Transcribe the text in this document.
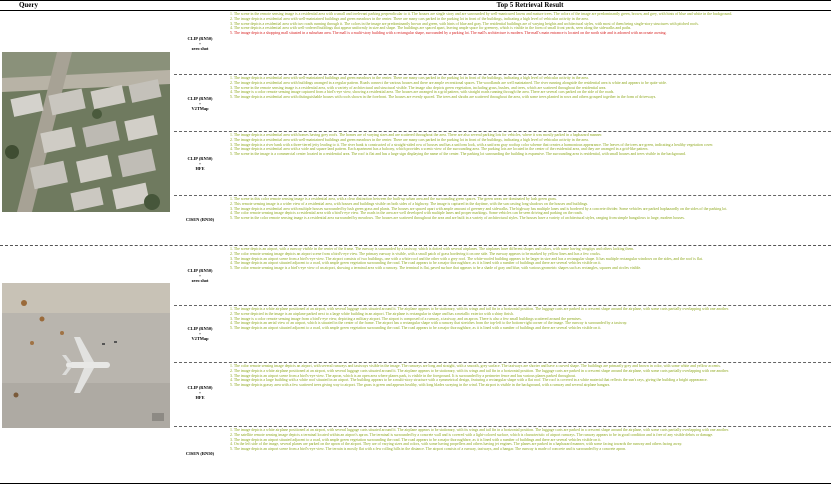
Query	Top 5 Retrieval Result
CLIP (RN50)
+
zero shot

1. The scene in the remote sensing image is a residential area with a small and irrelevant parking perpendicular to it. The houses are single story and are surrounded by well-manicured lawns and mature trees. The colors of the image are predominantly green, brown, and grey, with hints of blue and white in the background.

2. The image depicts a residential area with well-maintained buildings and green meadows in the center. There are many cars parked in the parking lot in front of the buildings, indicating a high level of vehicular activity in the area.

3. The scene depicts a residential area with two roads running through it. The colors in the image are predominantly brown and green, with hints of blue and gray. The residential buildings are of varying heights and architectural styles, with most of them being single-story structures with pitched roofs.

4. The scene depicts a residential area with well-ordered buildings that appear uniformly in size and shape. The buildings are spaced apart, leaving ample space for greenery, which is visible in the form of small front yards, seen along the sidewalks and paths.

5. The image depicts a shopping mall situated in a suburban area. The mall is a multi-story building with a rectangular shape, surrounded by a parking lot. The mall's architecture is modern. The mall's main entrance is located on the north side and is adorned with an ornate awning.

CLIP (RN50)
+
V2TMap

1. The image depicts a residential area with well-maintained buildings and green meadows in the center. There are many cars parked in the parking lot in front of the buildings, indicating a high level of vehicular activity in the area.

2. The image depicts a residential area with buildings arranged in a regular pattern. Roads connect the various houses and there are ample recreational spaces. The woodlands are well maintained. The river running alongside the residential area is white and appears to be quite wide.

3. The scene in the remote sensing image is a residential area, with a variety of architectural and structural visible. The image also depicts green vegetation, including grass, bushes, and trees, which are scattered throughout the residential area.

4. The image is a color remote sensing image captured from a bird's-eye view, showing a residential area. The houses are arranged in a grid pattern, with straight roads running through the area. There are several cars parked on the side of the roads.

5. The image depicts a residential area with distinguishable houses with roofs shown in the forefront. The houses are evenly spaced. The trees and shrubs are scattered throughout the area, with some trees planted in rows and others grouped together in the form of driveways.

CLIP (RN50)
+
HFE

1. The image depicts a residential area with homes having grey roofs. The homes are of varying sizes and are scattered throughout the area. There are also several parking lots for vehicles, where it was mostly parked in a haphazard manner.

2. The image depicts a residential area with well-maintained buildings and green meadows in the center. There are many cars parked in the parking lot in front of the buildings, indicating a high level of vehicular activity in the area.

3. The image depicts a river bank with a three-tiered jetty leading to it. The river bank is constructed of a straight-sided row of houses and has a uniform look, with a uniform gray rooftop color scheme that creates a harmonious appearance. The leaves of the trees are green, indicating a healthy vegetation cover.

4. The image depicts a residential area with a wide and square land pattern. Each apartment has a balcony, which provides a scenic view of the surrounding area. The parking lots are located in the center of the residential area, and they are arranged in a grid-like pattern.

5. The scene in the image is a commercial center located in a residential area. The roof is flat and has a large sign displaying the name of the center. The parking lot surrounding the building is expansive. The surrounding area is residential, with small houses and trees visible in the background.

CISEN (RN50)

1. The scene in this color remote sensing image is a residential area, with a clear distinction between the built-up urban area and the surrounding green spaces. The green areas are dominated by lush green grass.

2. This remote sensing image is a wider view of a residential area, with houses and buildings visible on both sides of a highway. The image is captured in the daytime, with the sun casting long shadows on the houses and buildings.

3. The image depicts a residential area with multiple houses surrounded by lush green grass and plants. The houses are spaced apart with ample amount of greenery and sidewalks. The highway has multiple lanes and is bordered by a concrete divider. Some vehicles are parked haphazardly on the sides of the parking lot.

4. The color remote sensing image depicts a residential area with a bird's-eye view. The roads in the area are well developed with multiple lanes and proper markings. Some vehicles can be seen driving and parking on the roads.

5. The scene in the color remote sensing image is a residential area surrounded by meadows. The houses are scattered throughout the area and are built in a variety of architectural styles. The houses have a variety of architectural styles, ranging from simple bungalows to large, modern houses.

CLIP (RN50)
+
zero shot

1. The scene depicts an airport, with a runway visible in the center of the frame. The runway is surrounded by a taxiway, which is dotted with several airplanes. The airplanes have different shapes and colors, with some having wingtips and others lacking them.

2. The color remote sensing image depicts an airport scene from a bird's-eye view. The primary runway is visible, with a small patch of grass bordering it on one side. The runway appears to be marked by yellow lines and has a few cracks.

3. The image depicts an airport scene from a bird's-eye view. The airport consists of two buildings, one with a white roof and the other with a grey roof. The white-roofed building appears to be larger in size and has a rectangular shape. It has multiple rectangular windows on the sides, and the roof is flat.

4. The image depicts an airport situated adjacent to a road, with ample green vegetation surrounding the road. The road appears to be a major thoroughfare, as it is lined with a number of buildings and there are several vehicles visible on it.

5. The color remote sensing image is a bird's-eye view of an airport, showing a terminal area with a runway. The terminal is flat, paved surface that appears to be a shade of gray and blue, with various geometric shapes such as rectangles, squares and circles visible.

CLIP (RN50)
+
V2TMap

1. The image depicts a white airplane positioned at an airport, with several luggage carts situated around it. The airplane appears to be stationary, with its wings and tail fin in a horizontal position. The luggage carts are parked in a crescent shape around the airplane, with some carts partially overlapping with one another.

2. The scene depicted in the image is an airplane parked next to a large white building in an airport. The airplane is rectangular in shape and has a metallic exterior with a shiny finish.

3. The image is a color remote sensing image from a bird's-eye view, depicting a military airport. The airport is composed of a runway, a taxiway, and an apron. There is also a few small buildings scattered around the premises.

4. The image depicts an aerial view of an airport, which is situated in the center of the frame. The airport has a rectangular shape with a runway that stretches from the top-left to the bottom-right corner of the image. The runway is surrounded by a taxiway.

5. The image depicts an airport situated adjacent to a road, with ample green vegetation surrounding the road. The road appears to be a major thoroughfare, as it is lined with a number of buildings and there are several vehicles visible on it.

CLIP (RN50)
+
HFE

1. The color remote sensing image depicts an airport, with several runways and taxiways visible in the image. The runways are long and straight, with a smooth, grey surface. The taxiways are shorter and have a curved shape. The buildings are primarily grey and brown in color, with some white and yellow accents.

2. The image depicts a white airplane positioned at an airport, with several luggage carts situated around it. The airplane appears to be stationary, with its wings and tail fin in a horizontal position. The luggage carts are parked in a crescent shape around the airplane, with some carts partially overlapping with one another.

3. The image depicts an airport scene from a bird's-eye view. The apron, which is an open area where planes park, is visible in the foreground. It is surrounded by a perimeter fence and has various planes parked throughout.

4. The image depicts a large building with a white roof situated in an airport. The building appears to be a multi-story structure with a symmetrical design, featuring a rectangular shape with a flat roof. The roof is covered in a white material that reflects the sun's rays, giving the building a bright appearance.

5. The image depicts grassy area with a few scattered trees giving way to airport. The grass is green and appears healthy, with long blades swaying in the wind. The airport is visible in the background, with a runway and several airplane hangars.

CISEN (RN50)

1. The image depicts a white airplane positioned at an airport, with several luggage carts situated around it. The airplane appears to be stationary, with its wings and tail fin in a horizontal position. The luggage carts are parked in a crescent shape around the airplane, with some carts partially overlapping with one another.

2. The satellite remote sensing image depicts a terminal located within an airport's apron. The terminal is surrounded by a concrete wall and is covered with a light-colored surface, which is characteristic of airport runways. The runway appears to be in good condition and is free of any visible debris or damage.

3. The image depicts an airport situated adjacent to a road, with ample green vegetation surrounding the road. The road appears to be a major thoroughfare, as it is lined with a number of buildings and there are several vehicles visible on it.

4. On the left side of the image, several planes are parked on the apron of the airport. They are of varying sizes and colors, with some having propellers and others having jet engines. The planes are parked in a haphazard manner, with some facing towards the runway and others facing away.

5. The image depicts an airport scene from a bird's-eye view. The terrain is mostly flat with a few rolling hills in the distance. The airport consists of a runway, taxiways, and a hangar. The runway is made of concrete and is surrounded by a concrete apron.
